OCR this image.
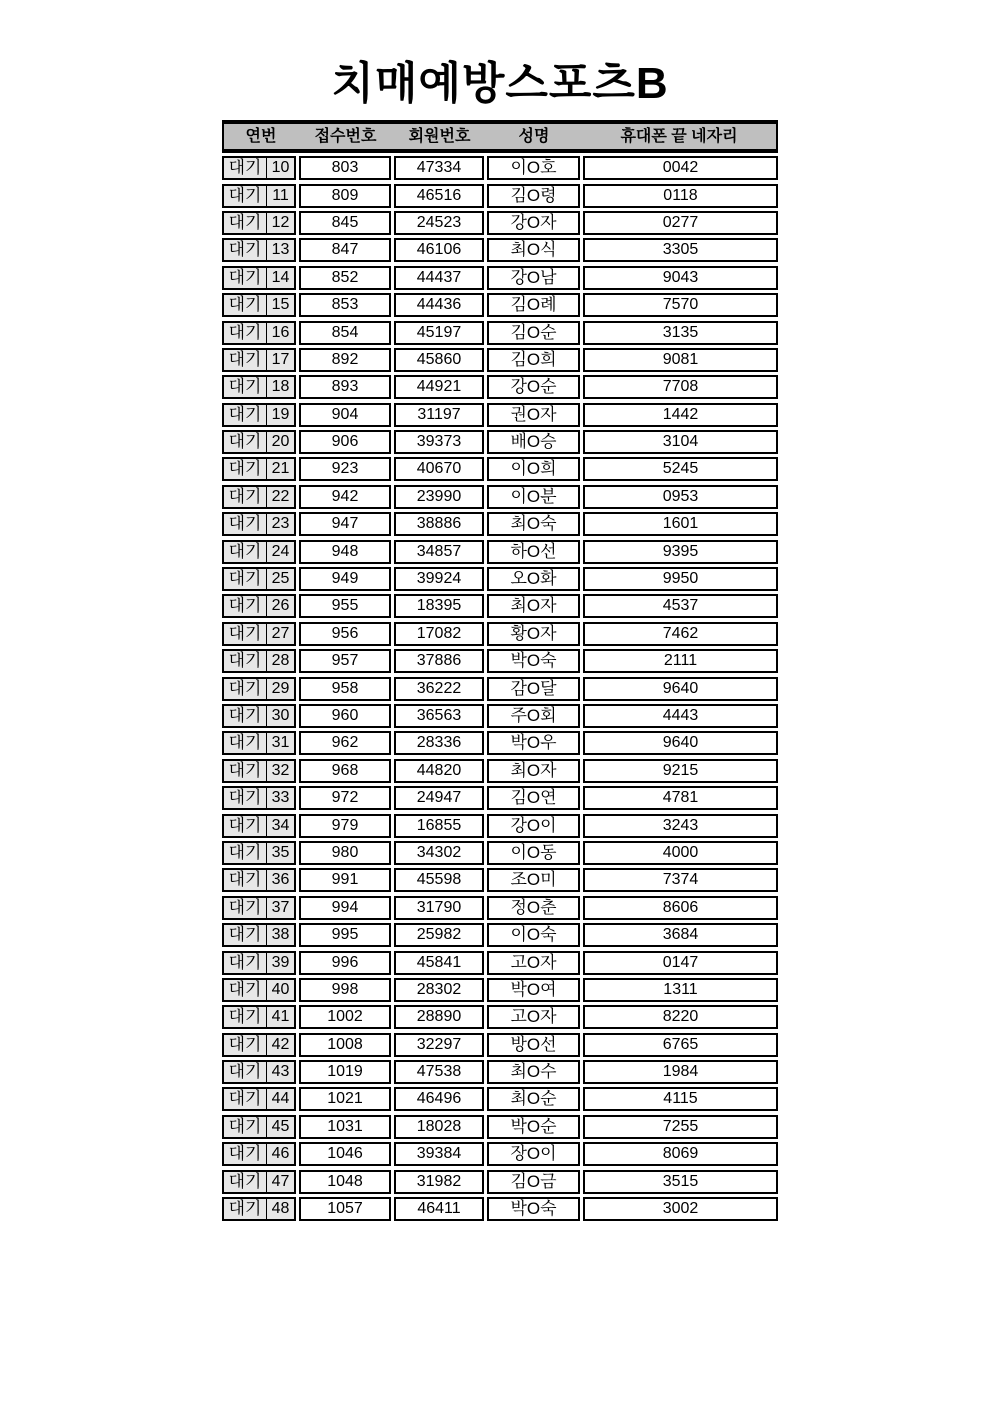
치매예방스포츠B
연번	접수번호	회원번호	성명	휴대폰 끝 네자리
대기 10	803	47334	이O호	0042
대기 11	809	46516	김O령	0118
대기 12	845	24523	강O자	0277
대기 13	847	46106	최O식	3305
대기 14	852	44437	강O남	9043
대기 15	853	44436	김O례	7570
대기 16	854	45197	김O순	3135
대기 17	892	45860	김O희	9081
대기 18	893	44921	강O순	7708
대기 19	904	31197	권O자	1442
대기 20	906	39373	배O승	3104
대기 21	923	40670	이O희	5245
대기 22	942	23990	이O분	0953
대기 23	947	38886	최O숙	1601
대기 24	948	34857	하O선	9395
대기 25	949	39924	오O화	9950
대기 26	955	18395	최O자	4537
대기 27	956	17082	황O자	7462
대기 28	957	37886	박O숙	2111
대기 29	958	36222	감O달	9640
대기 30	960	36563	주O회	4443
대기 31	962	28336	박O우	9640
대기 32	968	44820	최O자	9215
대기 33	972	24947	김O연	4781
대기 34	979	16855	강O이	3243
대기 35	980	34302	이O동	4000
대기 36	991	45598	조O미	7374
대기 37	994	31790	정O춘	8606
대기 38	995	25982	이O숙	3684
대기 39	996	45841	고O자	0147
대기 40	998	28302	박O여	1311
대기 41	1002	28890	고O자	8220
대기 42	1008	32297	방O선	6765
대기 43	1019	47538	최O수	1984
대기 44	1021	46496	최O순	4115
대기 45	1031	18028	박O순	7255
대기 46	1046	39384	장O이	8069
대기 47	1048	31982	김O금	3515
대기 48	1057	46411	박O숙	3002
